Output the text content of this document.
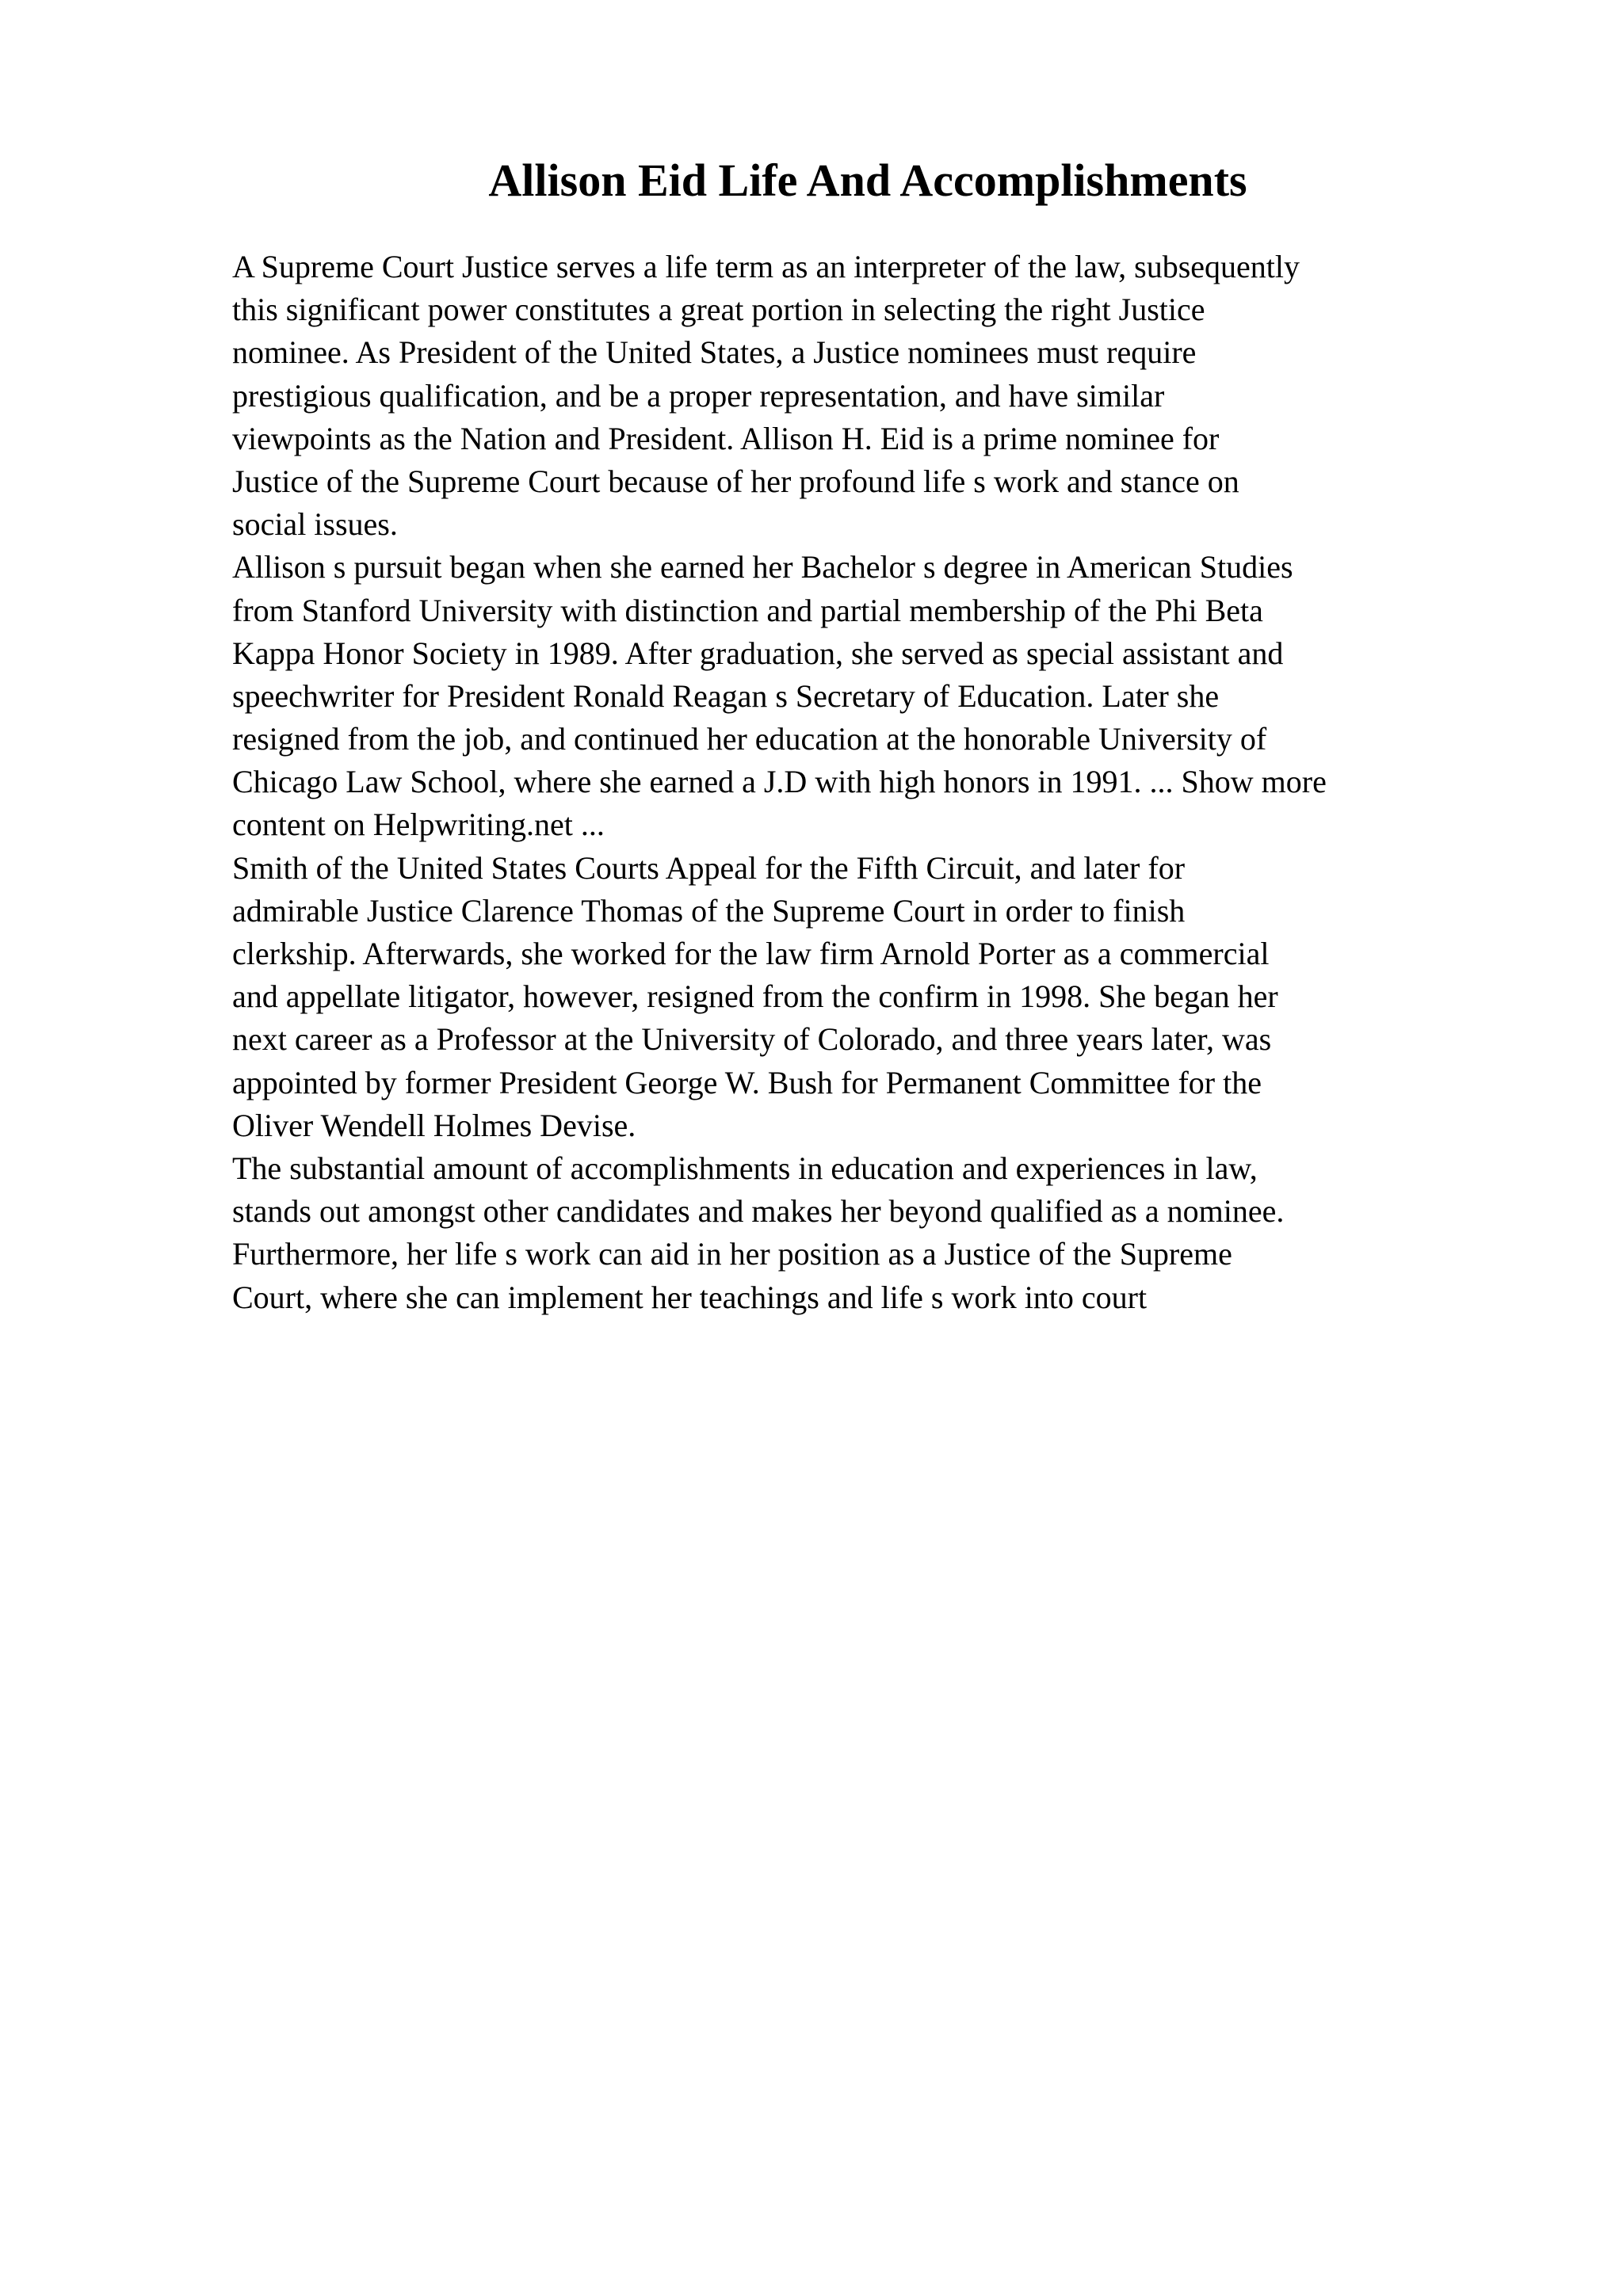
Allison Eid Life And Accomplishments
A Supreme Court Justice serves a life term as an interpreter of the law, subsequently
this significant power constitutes a great portion in selecting the right Justice
nominee. As President of the United States, a Justice nominees must require
prestigious qualification, and be a proper representation, and have similar
viewpoints as the Nation and President. Allison H. Eid is a prime nominee for
Justice of the Supreme Court because of her profound life s work and stance on
social issues.
Allison s pursuit began when she earned her Bachelor s degree in American Studies
from Stanford University with distinction and partial membership of the Phi Beta
Kappa Honor Society in 1989. After graduation, she served as special assistant and
speechwriter for President Ronald Reagan s Secretary of Education. Later she
resigned from the job, and continued her education at the honorable University of
Chicago Law School, where she earned a J.D with high honors in 1991. ... Show more
content on Helpwriting.net ...
Smith of the United States Courts Appeal for the Fifth Circuit, and later for
admirable Justice Clarence Thomas of the Supreme Court in order to finish
clerkship. Afterwards, she worked for the law firm Arnold Porter as a commercial
and appellate litigator, however, resigned from the confirm in 1998. She began her
next career as a Professor at the University of Colorado, and three years later, was
appointed by former President George W. Bush for Permanent Committee for the
Oliver Wendell Holmes Devise.
The substantial amount of accomplishments in education and experiences in law,
stands out amongst other candidates and makes her beyond qualified as a nominee.
Furthermore, her life s work can aid in her position as a Justice of the Supreme
Court, where she can implement her teachings and life s work into court
